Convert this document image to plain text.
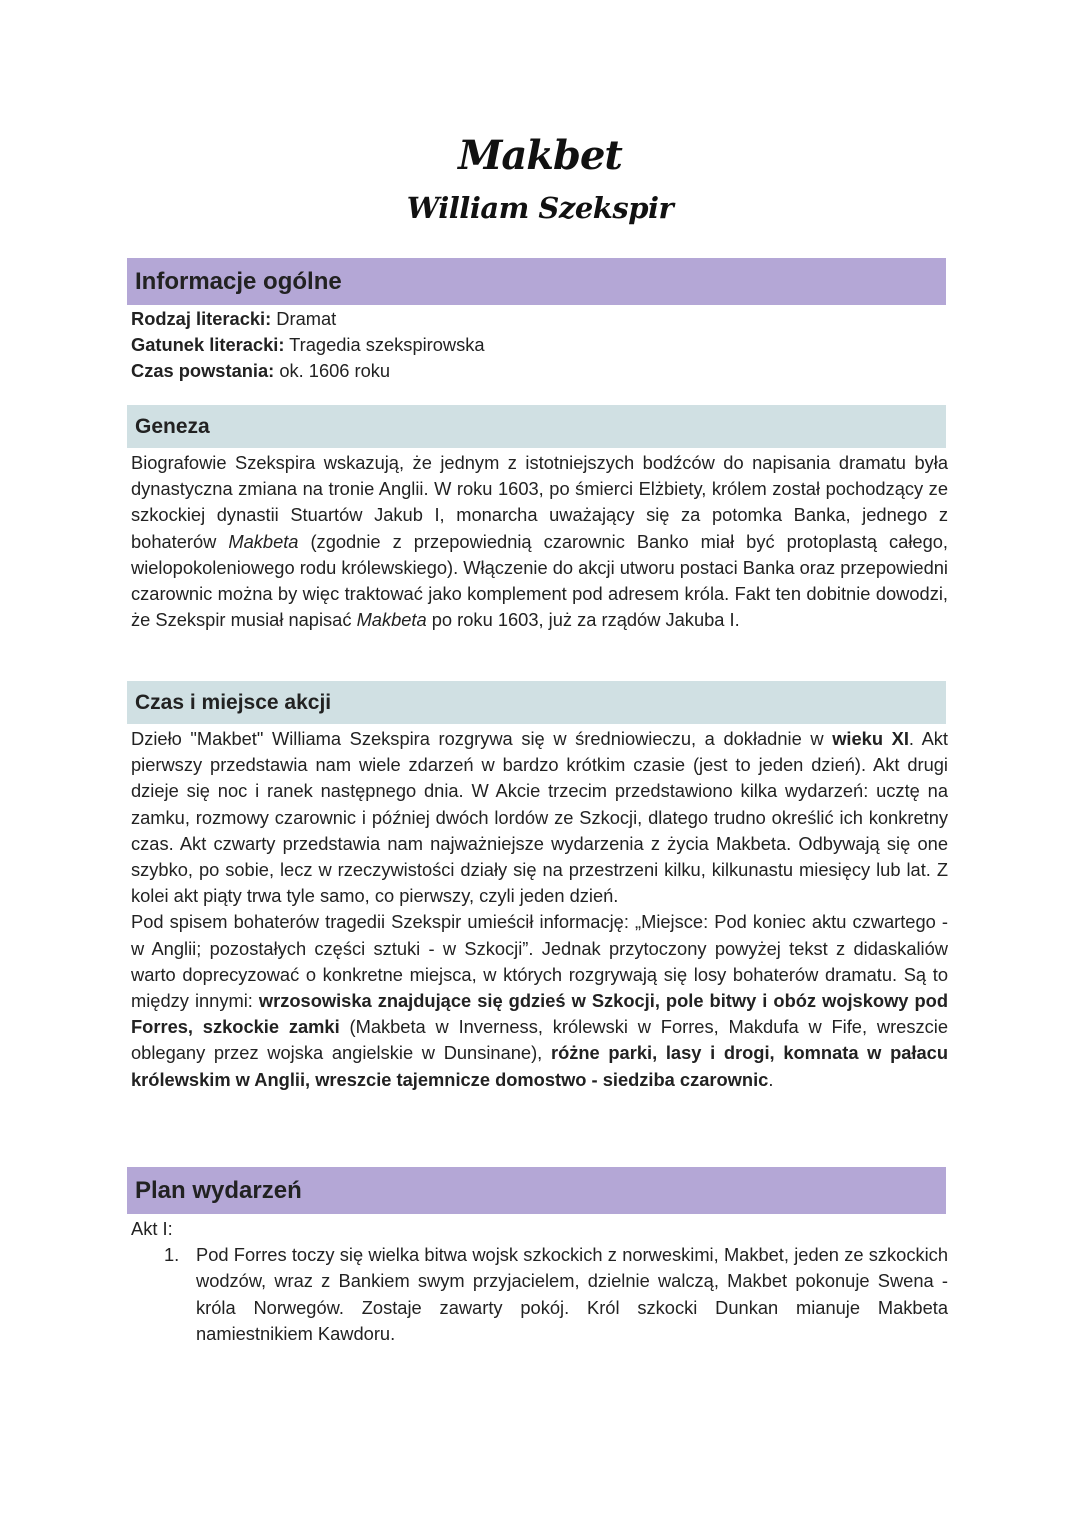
Makbet
William Szekspir
Informacje ogólne
Rodzaj literacki: Dramat
Gatunek literacki: Tragedia szekspirowska
Czas powstania: ok. 1606 roku
Geneza

Biografowie Szekspira wskazują, że jednym z istotniejszych bodźców do napisania dramatu była dynastyczna zmiana na tronie Anglii. W roku 1603, po śmierci Elżbiety, królem został pochodzący ze szkockiej dynastii Stuartów Jakub I, monarcha uważający się za potomka Banka, jednego z bohaterów Makbeta (zgodnie z przepowiednią czarownic Banko miał być protoplastą całego, wielopokoleniowego rodu królewskiego). Włączenie do akcji utworu postaci Banka oraz przepowiedni czarownic można by więc traktować jako komplement pod adresem króla. Fakt ten dobitnie dowodzi, że Szekspir musiał napisać Makbeta po roku 1603, już za rządów Jakuba I.

Czas i miejsce akcji

Dzieło "Makbet" Williama Szekspira rozgrywa się w średniowieczu, a dokładnie w wieku XI. Akt pierwszy przedstawia nam wiele zdarzeń w bardzo krótkim czasie (jest to jeden dzień). Akt drugi dzieje się noc i ranek następnego dnia. W Akcie trzecim przedstawiono kilka wydarzeń: ucztę na zamku, rozmowy czarownic i później dwóch lordów ze Szkocji, dlatego trudno określić ich konkretny czas. Akt czwarty przedstawia nam najważniejsze wydarzenia z życia Makbeta. Odbywają się one szybko, po sobie, lecz w rzeczywistości działy się na przestrzeni kilku, kilkunastu miesięcy lub lat. Z kolei akt piąty trwa tyle samo, co pierwszy, czyli jeden dzień.

Pod spisem bohaterów tragedii Szekspir umieścił informację: „Miejsce: Pod koniec aktu czwartego - w Anglii; pozostałych części sztuki - w Szkocji”. Jednak przytoczony powyżej tekst z didaskaliów warto doprecyzować o konkretne miejsca, w których rozgrywają się losy bohaterów dramatu. Są to między innymi: wrzosowiska znajdujące się gdzieś w Szkocji, pole bitwy i obóz wojskowy pod Forres, szkockie zamki (Makbeta w Inverness, królewski w Forres, Makdufa w Fife, wreszcie oblegany przez wojska angielskie w Dunsinane), różne parki, lasy i drogi, komnata w pałacu królewskim w Anglii, wreszcie tajemnicze domostwo - siedziba czarownic.

Plan wydarzeń
Akt I:
1. Pod Forres toczy się wielka bitwa wojsk szkockich z norweskimi, Makbet, jeden ze szkockich wodzów, wraz z Bankiem swym przyjacielem, dzielnie walczą, Makbet pokonuje Swena - króla Norwegów. Zostaje zawarty pokój. Król szkocki Dunkan mianuje Makbeta namiestnikiem Kawdoru.
